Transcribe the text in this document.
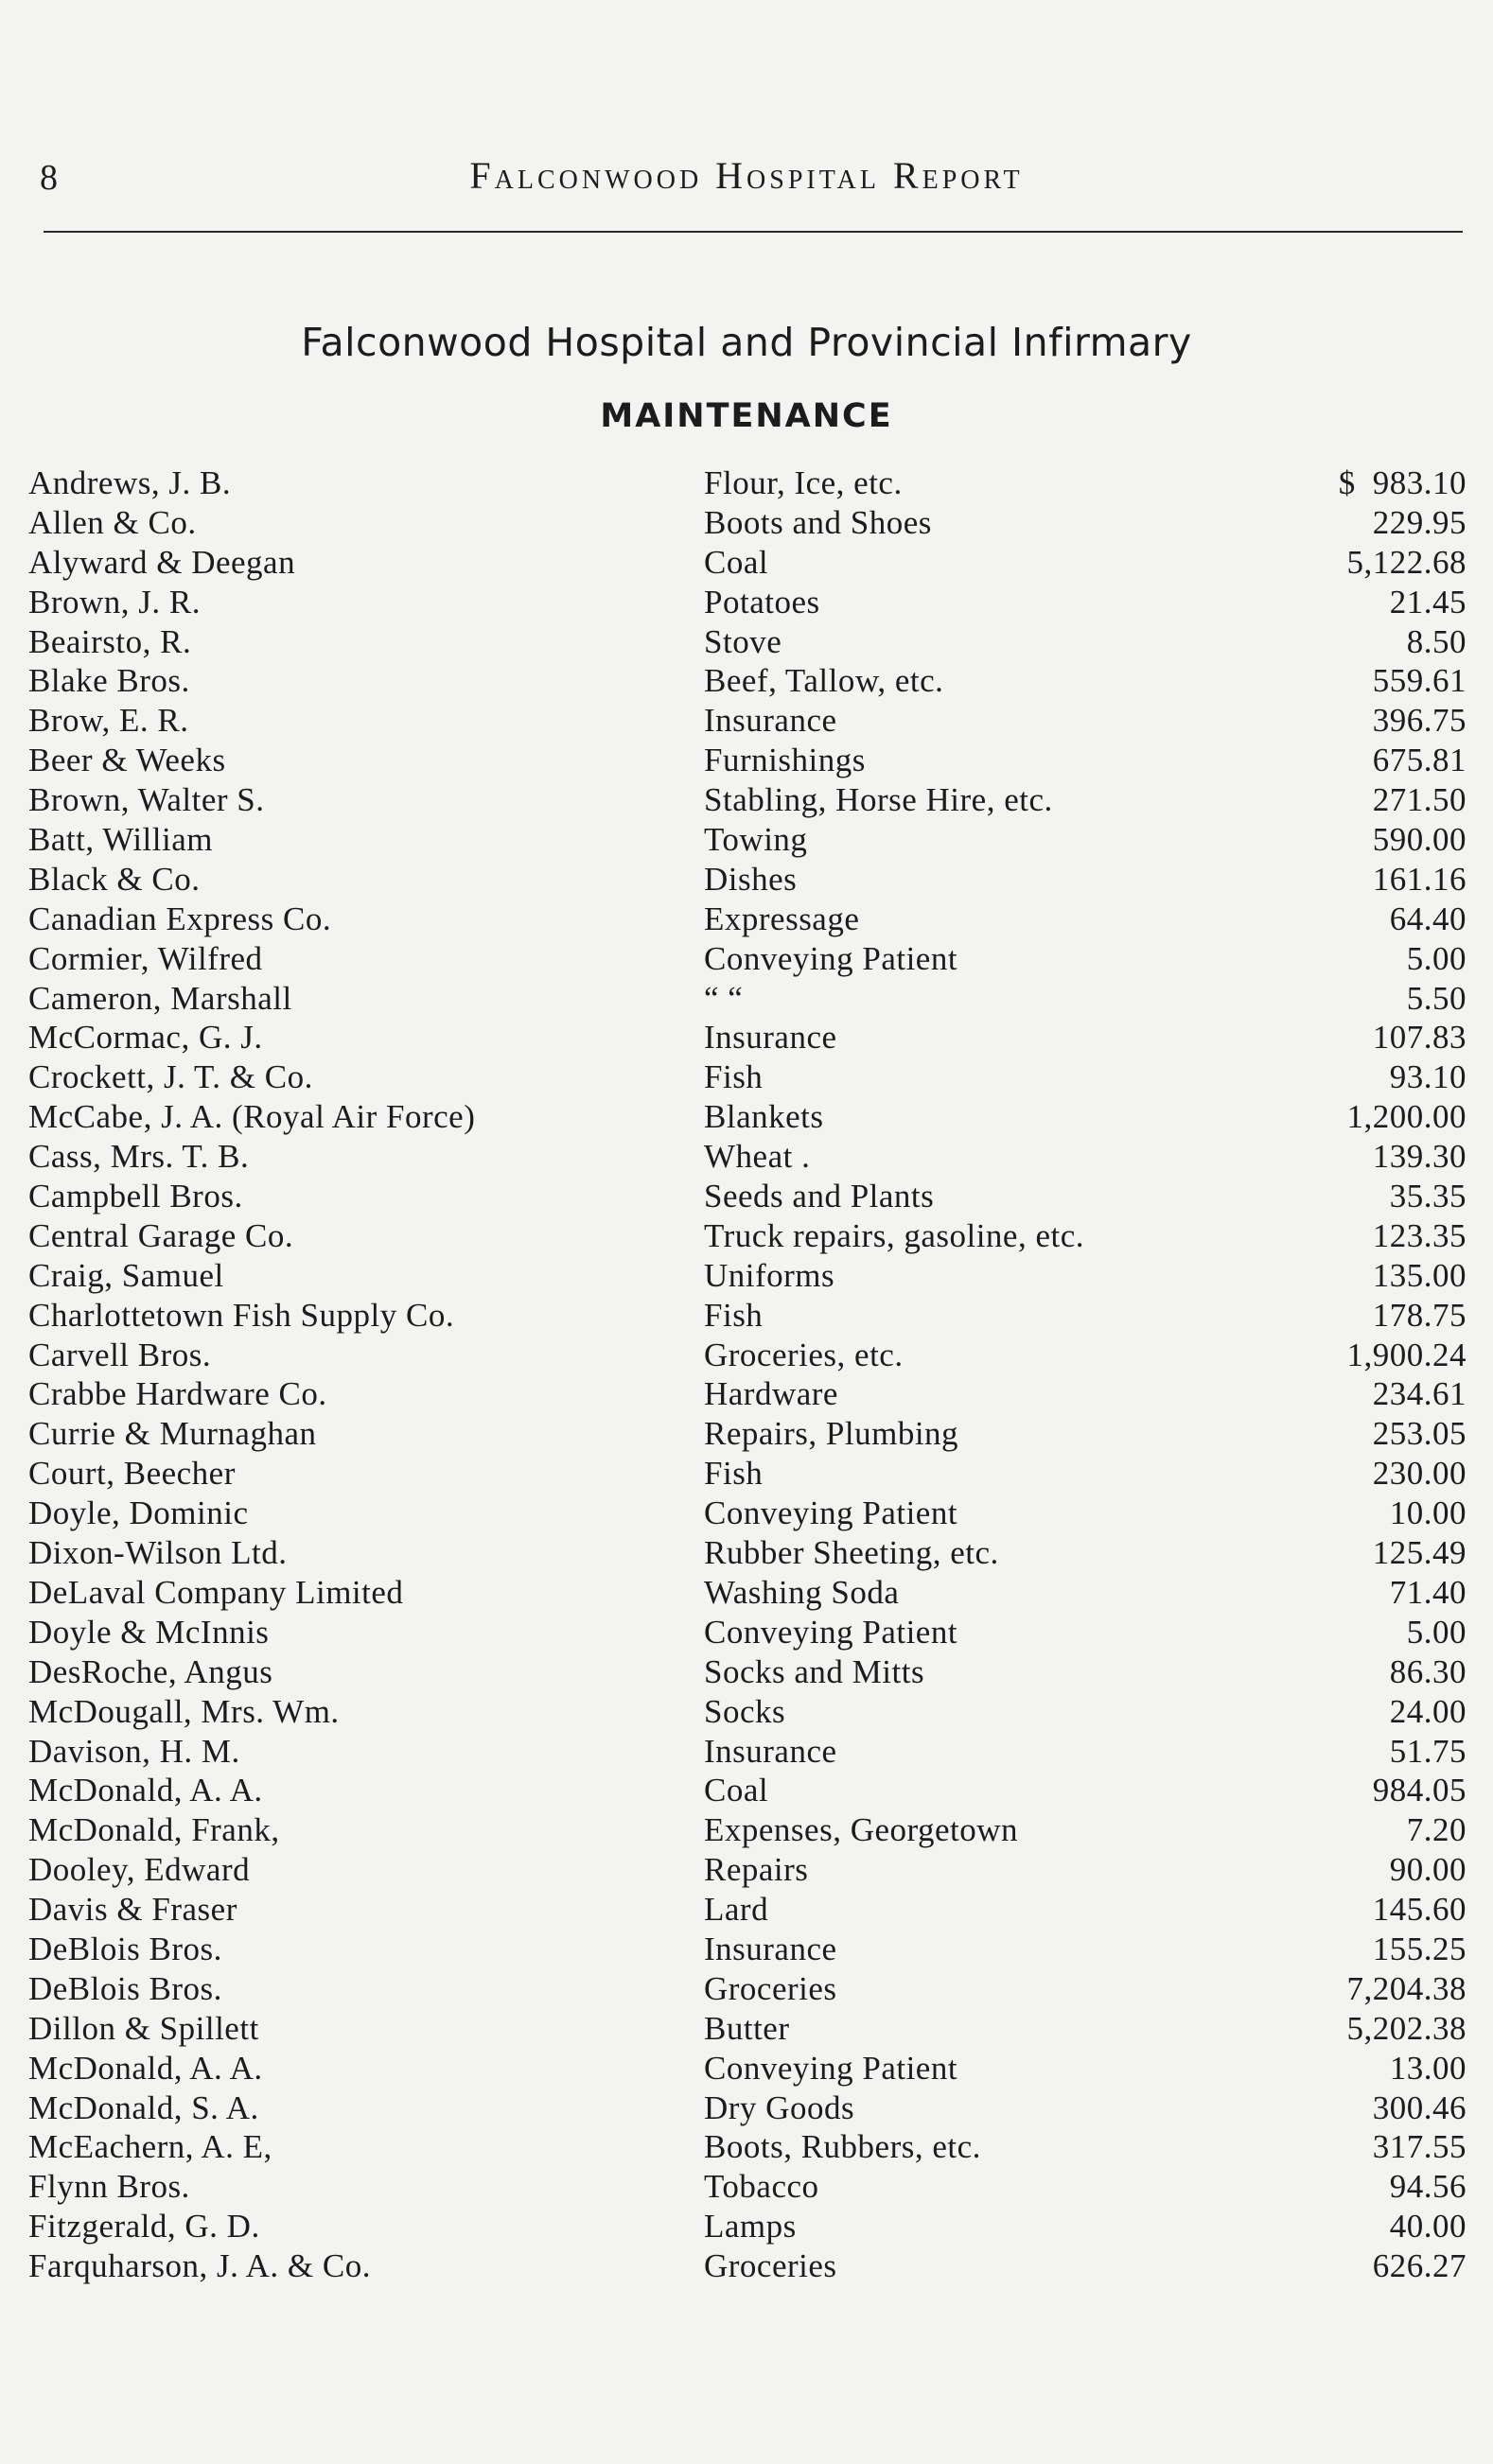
8	Falconwood Hospital Report
Falconwood Hospital and Provincial Infirmary
MAINTENANCE
Andrews, J. B.	Flour, Ice, etc.	$ 983.10
Allen & Co.	Boots and Shoes	229.95
Alyward & Deegan	Coal	5,122.68
Brown, J. R.	Potatoes	21.45
Beairsto, R.	Stove	8.50
Blake Bros.	Beef, Tallow, etc.	559.61
Brow, E. R.	Insurance	396.75
Beer & Weeks	Furnishings	675.81
Brown, Walter S.	Stabling, Horse Hire, etc.	271.50
Batt, William	Towing	590.00
Black & Co.	Dishes	161.16
Canadian Express Co.	Expressage	64.40
Cormier, Wilfred	Conveying Patient	5.00
Cameron, Marshall	“ “	5.50
McCormac, G. J.	Insurance	107.83
Crockett, J. T. & Co.	Fish	93.10
McCabe, J. A. (Royal Air Force)	Blankets	1,200.00
Cass, Mrs. T. B.	Wheat .	139.30
Campbell Bros.	Seeds and Plants	35.35
Central Garage Co.	Truck repairs, gasoline, etc.	123.35
Craig, Samuel	Uniforms	135.00
Charlottetown Fish Supply Co.	Fish	178.75
Carvell Bros.	Groceries, etc.	1,900.24
Crabbe Hardware Co.	Hardware	234.61
Currie & Murnaghan	Repairs, Plumbing	253.05
Court, Beecher	Fish	230.00
Doyle, Dominic	Conveying Patient	10.00
Dixon-Wilson Ltd.	Rubber Sheeting, etc.	125.49
DeLaval Company Limited	Washing Soda	71.40
Doyle & McInnis	Conveying Patient	5.00
DesRoche, Angus	Socks and Mitts	86.30
McDougall, Mrs. Wm.	Socks	24.00
Davison, H. M.	Insurance	51.75
McDonald, A. A.	Coal	984.05
McDonald, Frank,	Expenses, Georgetown	7.20
Dooley, Edward	Repairs	90.00
Davis & Fraser	Lard	145.60
DeBlois Bros.	Insurance	155.25
DeBlois Bros.	Groceries	7,204.38
Dillon & Spillett	Butter	5,202.38
McDonald, A. A.	Conveying Patient	13.00
McDonald, S. A.	Dry Goods	300.46
McEachern, A. E,	Boots, Rubbers, etc.	317.55
Flynn Bros.	Tobacco	94.56
Fitzgerald, G. D.	Lamps	40.00
Farquharson, J. A. & Co.	Groceries	626.27
